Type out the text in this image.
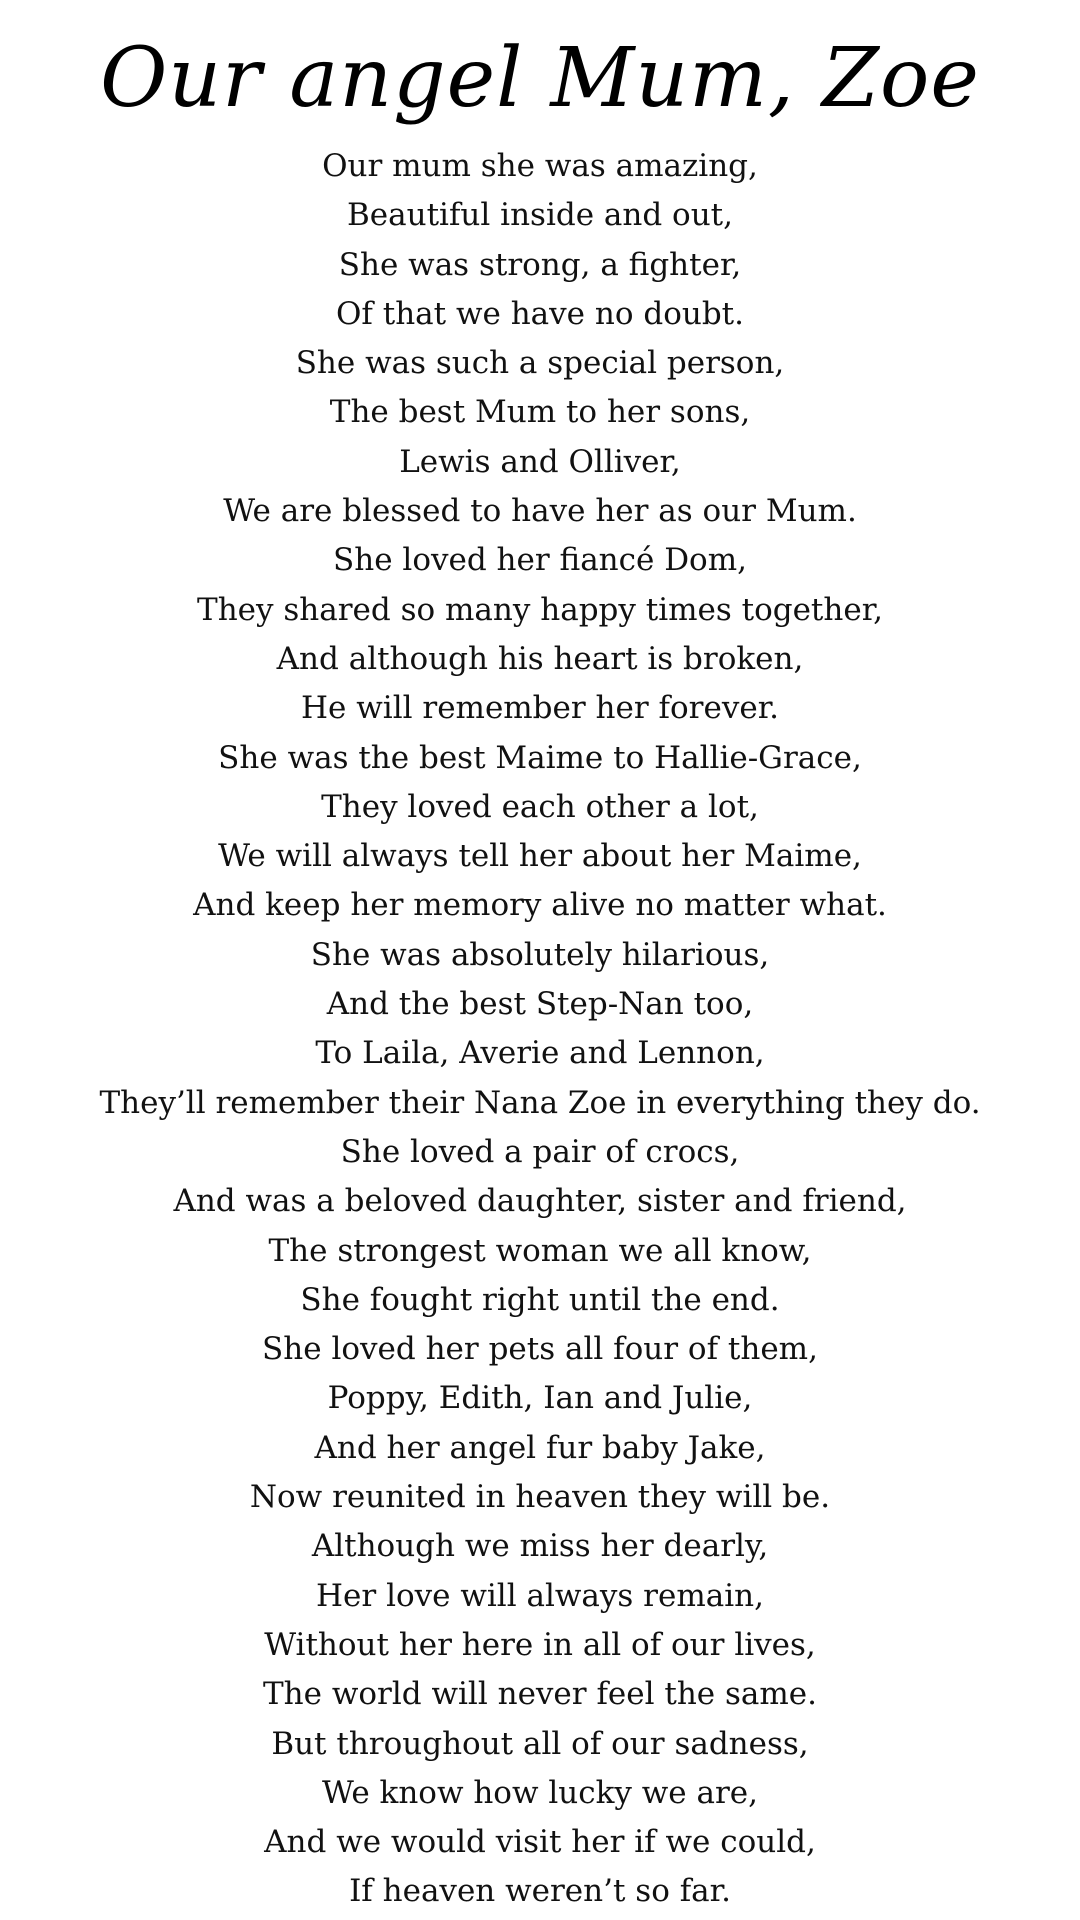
Our angel Mum, Zoe
Our mum she was amazing,
Beautiful inside and out,
She was strong, a fighter,
Of that we have no doubt.
She was such a special person,
The best Mum to her sons,
Lewis and Olliver,
We are blessed to have her as our Mum.
She loved her fiancé Dom,
They shared so many happy times together,
And although his heart is broken,
He will remember her forever.
She was the best Maime to Hallie-Grace,
They loved each other a lot,
We will always tell her about her Maime,
And keep her memory alive no matter what.
She was absolutely hilarious,
And the best Step-Nan too,
To Laila, Averie and Lennon,
They’ll remember their Nana Zoe in everything they do.
She loved a pair of crocs,
And was a beloved daughter, sister and friend,
The strongest woman we all know,
She fought right until the end.
She loved her pets all four of them,
Poppy, Edith, Ian and Julie,
And her angel fur baby Jake,
Now reunited in heaven they will be.
Although we miss her dearly,
Her love will always remain,
Without her here in all of our lives,
The world will never feel the same.
But throughout all of our sadness,
We know how lucky we are,
And we would visit her if we could,
If heaven weren’t so far.
